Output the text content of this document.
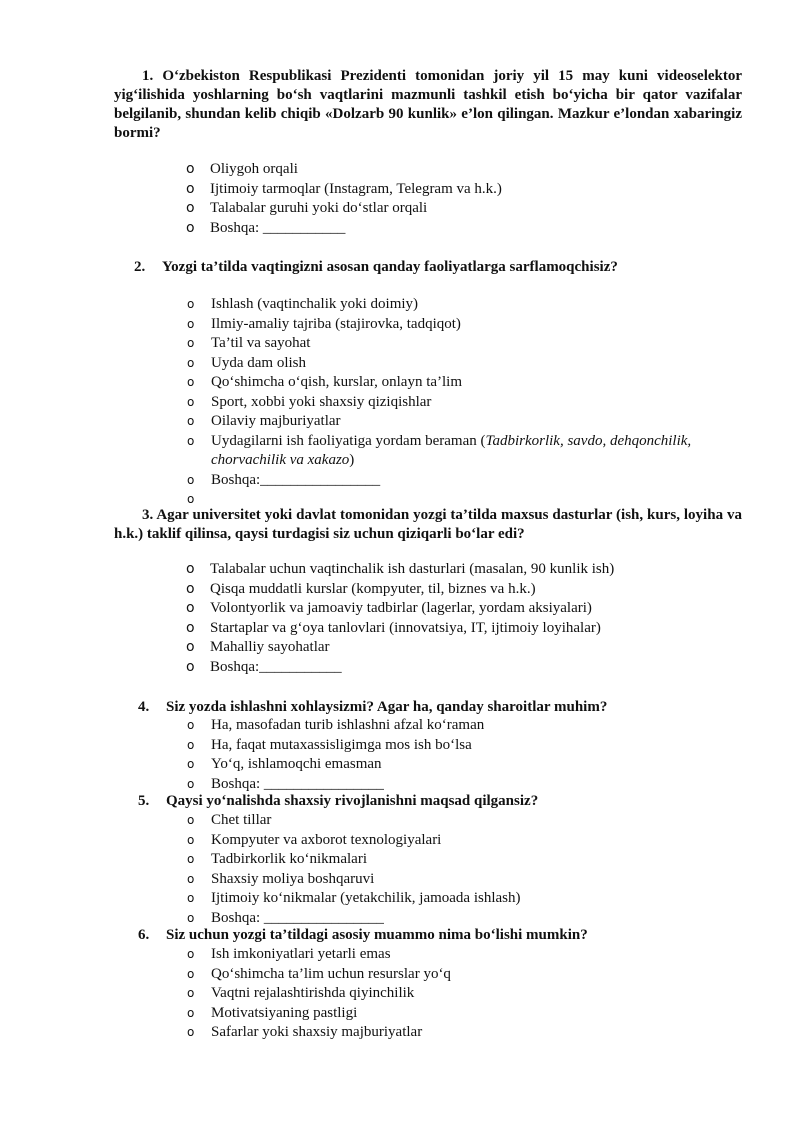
1. O‘zbekiston Respublikasi Prezidenti tomonidan joriy yil 15 may kuni videoselektor yig‘ilishida yoshlarning bo‘sh vaqtlarini mazmunli tashkil etish bo‘yicha bir qator vazifalar belgilanib, shundan kelib chiqib «Dolzarb 90 kunlik» e’lon qilingan. Mazkur e’londan xabaringiz bormi?
o Oliygoh orqali
o Ijtimoiy tarmoqlar (Instagram, Telegram va h.k.)
o Talabalar guruhi yoki do‘stlar orqali
o Boshqa: ___________
2. Yozgi ta’tilda vaqtingizni asosan qanday faoliyatlarga sarflamoqchisiz?
o Ishlash (vaqtinchalik yoki doimiy)
o Ilmiy-amaliy tajriba (stajirovka, tadqiqot)
o Ta’til va sayohat
o Uyda dam olish
o Qo‘shimcha o‘qish, kurslar, onlayn ta’lim
o Sport, xobbi yoki shaxsiy qiziqishlar
o Oilaviy majburiyatlar
o Uydagilarni ish faoliyatiga yordam beraman (Tadbirkorlik, savdo, dehqonchilik, chorvachilik va xakazo)
o Boshqa:________________
o

3. Agar universitet yoki davlat tomonidan yozgi ta’tilda maxsus dasturlar (ish, kurs, loyiha va h.k.) taklif qilinsa, qaysi turdagisi siz uchun qiziqarli bo‘lar edi?
o Talabalar uchun vaqtinchalik ish dasturlari (masalan, 90 kunlik ish)
o Qisqa muddatli kurslar (kompyuter, til, biznes va h.k.)
o Volontyorlik va jamoaviy tadbirlar (lagerlar, yordam aksiyalari)
o Startaplar va g‘oya tanlovlari (innovatsiya, IT, ijtimoiy loyihalar)
o Mahalliy sayohatlar
o Boshqa:___________
4. Siz yozda ishlashni xohlaysizmi? Agar ha, qanday sharoitlar muhim?
o Ha, masofadan turib ishlashni afzal ko‘raman
o Ha, faqat mutaxassisligimga mos ish bo‘lsa
o Yo‘q, ishlamoqchi emasman
o Boshqa: ________________
5. Qaysi yo‘nalishda shaxsiy rivojlanishni maqsad qilgansiz?
o Chet tillar
o Kompyuter va axborot texnologiyalari
o Tadbirkorlik ko‘nikmalari
o Shaxsiy moliya boshqaruvi
o Ijtimoiy ko‘nikmalar (yetakchilik, jamoada ishlash)
o Boshqa: ________________
6. Siz uchun yozgi ta’tildagi asosiy muammo nima bo‘lishi mumkin?
o Ish imkoniyatlari yetarli emas
o Qo‘shimcha ta’lim uchun resurslar yo‘q
o Vaqtni rejalashtirishda qiyinchilik
o Motivatsiyaning pastligi
o Safarlar yoki shaxsiy majburiyatlar
